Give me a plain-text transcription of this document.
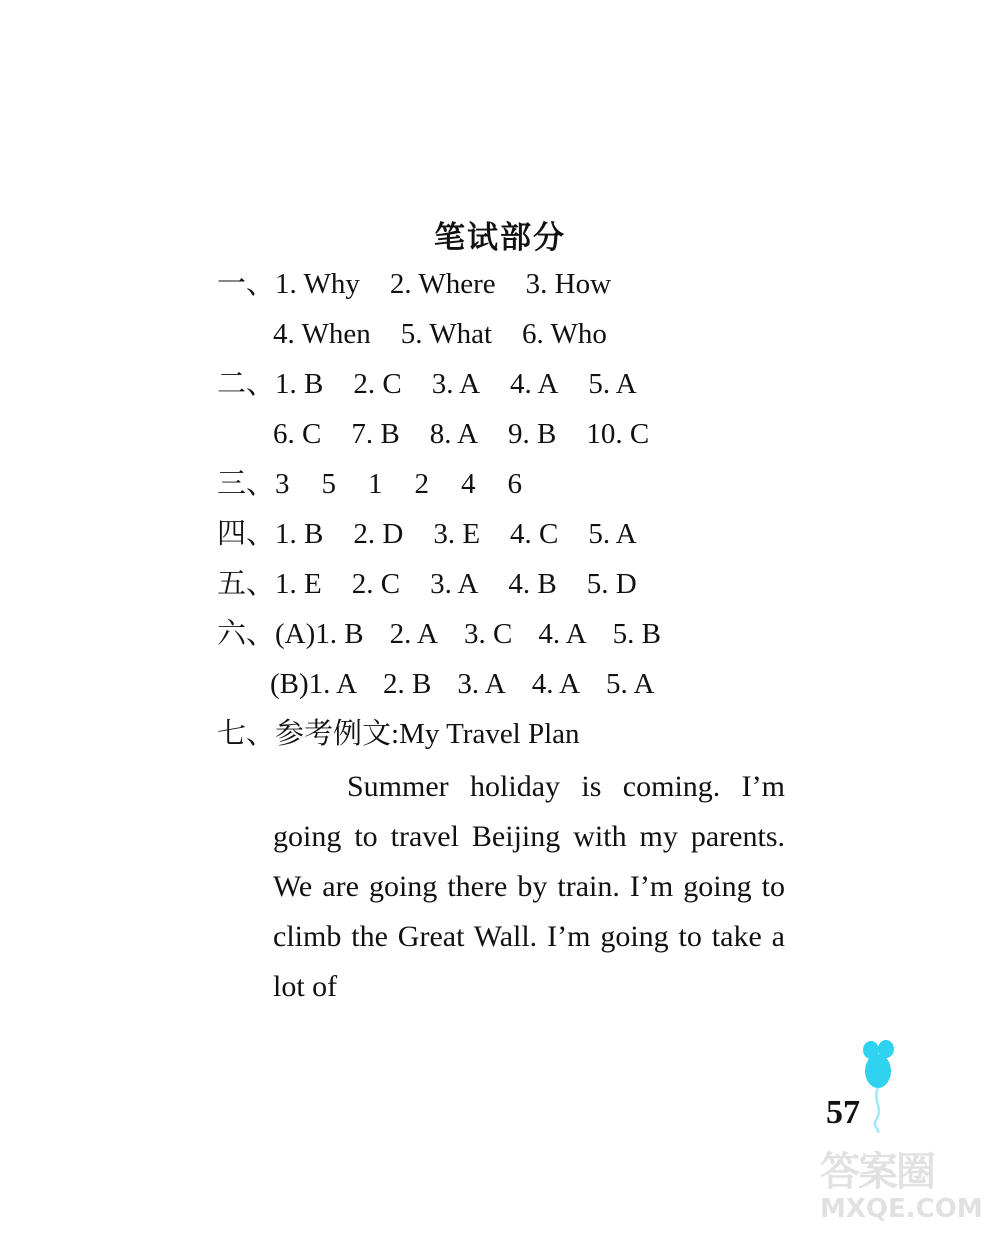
笔试部分
一、1. Why 2. Where 3. How
4. When 5. What 6. Who
二、1. B 2. C 3. A 4. A 5. A
6. C 7. B 8. A 9. B 10. C
三、3 5 1 2 4 6
四、1. B 2. D 3. E 4. C 5. A
五、1. E 2. C 3. A 4. B 5. D
六、(A)1. B 2. A 3. C 4. A 5. B
(B)1. A 2. B 3. A 4. A 5. A
七、参考例文:My Travel Plan

Summer holiday is coming. I’m going to travel Beijing with my parents. We are going there by train. I’m going to climb the Great Wall. I’m going to take a lot of

57
答案圈
MXQE.COM
